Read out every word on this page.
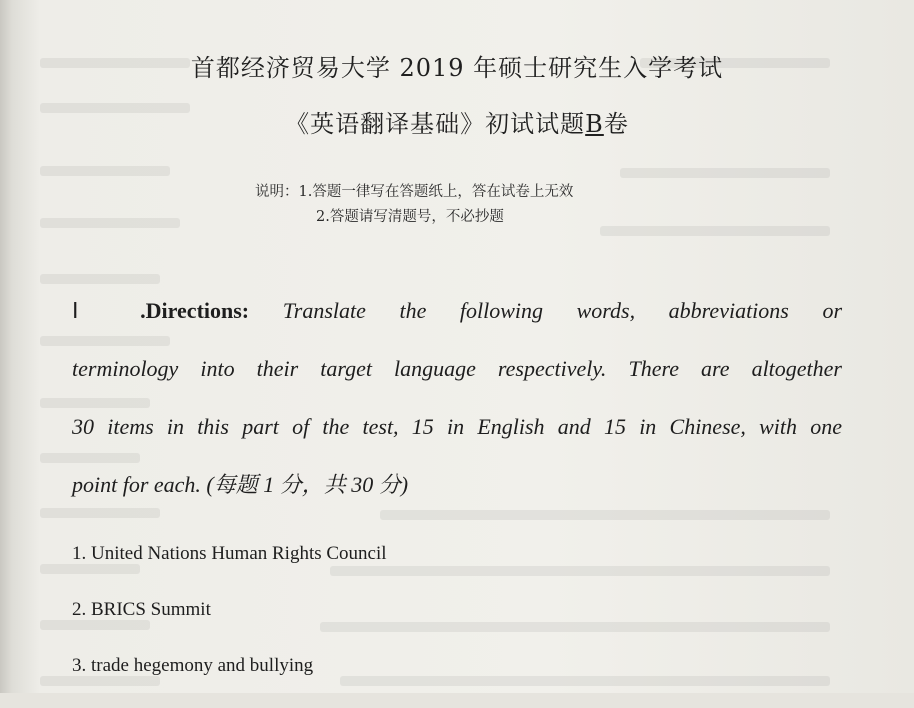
首都经济贸易大学 2019 年硕士研究生入学考试
《英语翻译基础》初试试题B卷
说明：1.答题一律写在答题纸上，答在试卷上无效
2.答题请写清题号，不必抄题
Ⅰ .Directions: Translate the following words, abbreviations or
terminology into their target language respectively. There are altogether
30 items in this part of the test, 15 in English and 15 in Chinese, with one
point for each. (每题 1 分，共 30 分)
1. United Nations Human Rights Council
2. BRICS Summit
3. trade hegemony and bullying
